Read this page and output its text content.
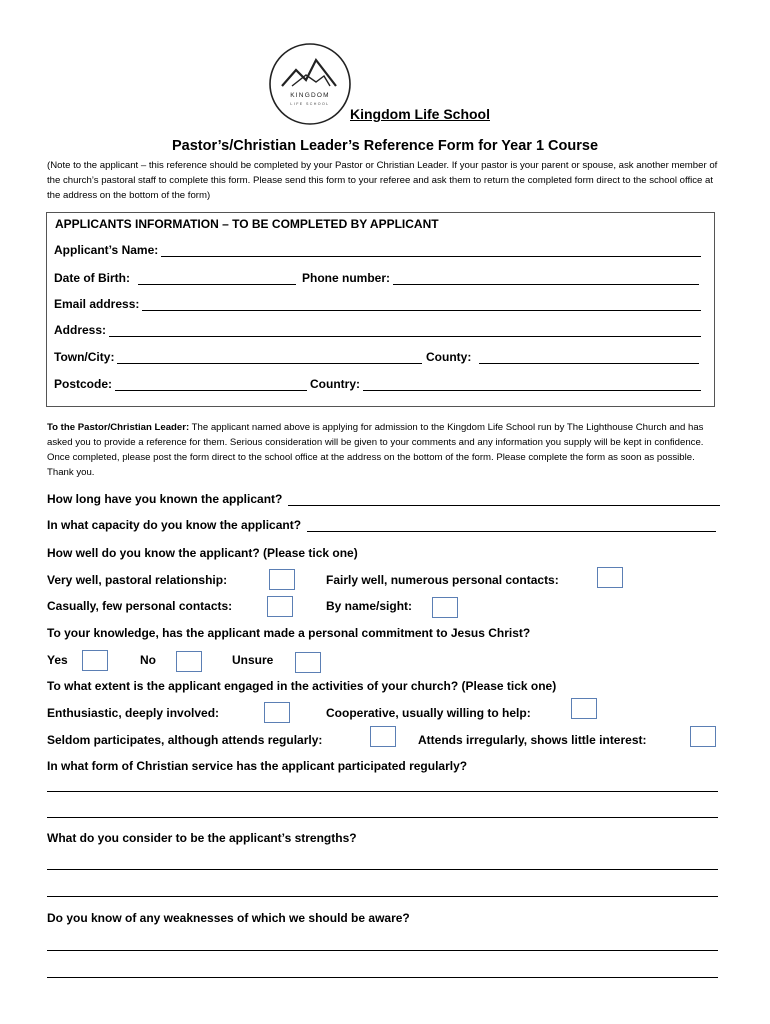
KINGDOM
LIFE SCHOOL
Kingdom Life School
Pastor’s/Christian Leader’s Reference Form for Year 1 Course
(Note to the applicant – this reference should be completed by your Pastor or Christian Leader. If your pastor is your parent or spouse, ask another member of the church’s pastoral staff to complete this form. Please send this form to your referee and ask them to return the completed form direct to the school office at the address on the bottom of the form)
APPLICANTS INFORMATION – TO BE COMPLETED BY APPLICANT
Applicant’s Name:
Date of Birth:	Phone number:
Email address:
Address:
Town/City:	County:
Postcode:	Country:
To the Pastor/Christian Leader: The applicant named above is applying for admission to the Kingdom Life School run by The Lighthouse Church and has asked you to provide a reference for them. Serious consideration will be given to your comments and any information you supply will be kept in confidence. Once completed, please post the form direct to the school office at the address on the bottom of the form. Please complete the form as soon as possible. Thank you.
How long have you known the applicant?
In what capacity do you know the applicant?
How well do you know the applicant? (Please tick one)
Very well, pastoral relationship:	Fairly well, numerous personal contacts:
Casually, few personal contacts:	By name/sight:
To your knowledge, has the applicant made a personal commitment to Jesus Christ?
Yes	No	Unsure
To what extent is the applicant engaged in the activities of your church? (Please tick one)
Enthusiastic, deeply involved:	Cooperative, usually willing to help:
Seldom participates, although attends regularly:	Attends irregularly, shows little interest:
In what form of Christian service has the applicant participated regularly?
What do you consider to be the applicant’s strengths?
Do you know of any weaknesses of which we should be aware?
